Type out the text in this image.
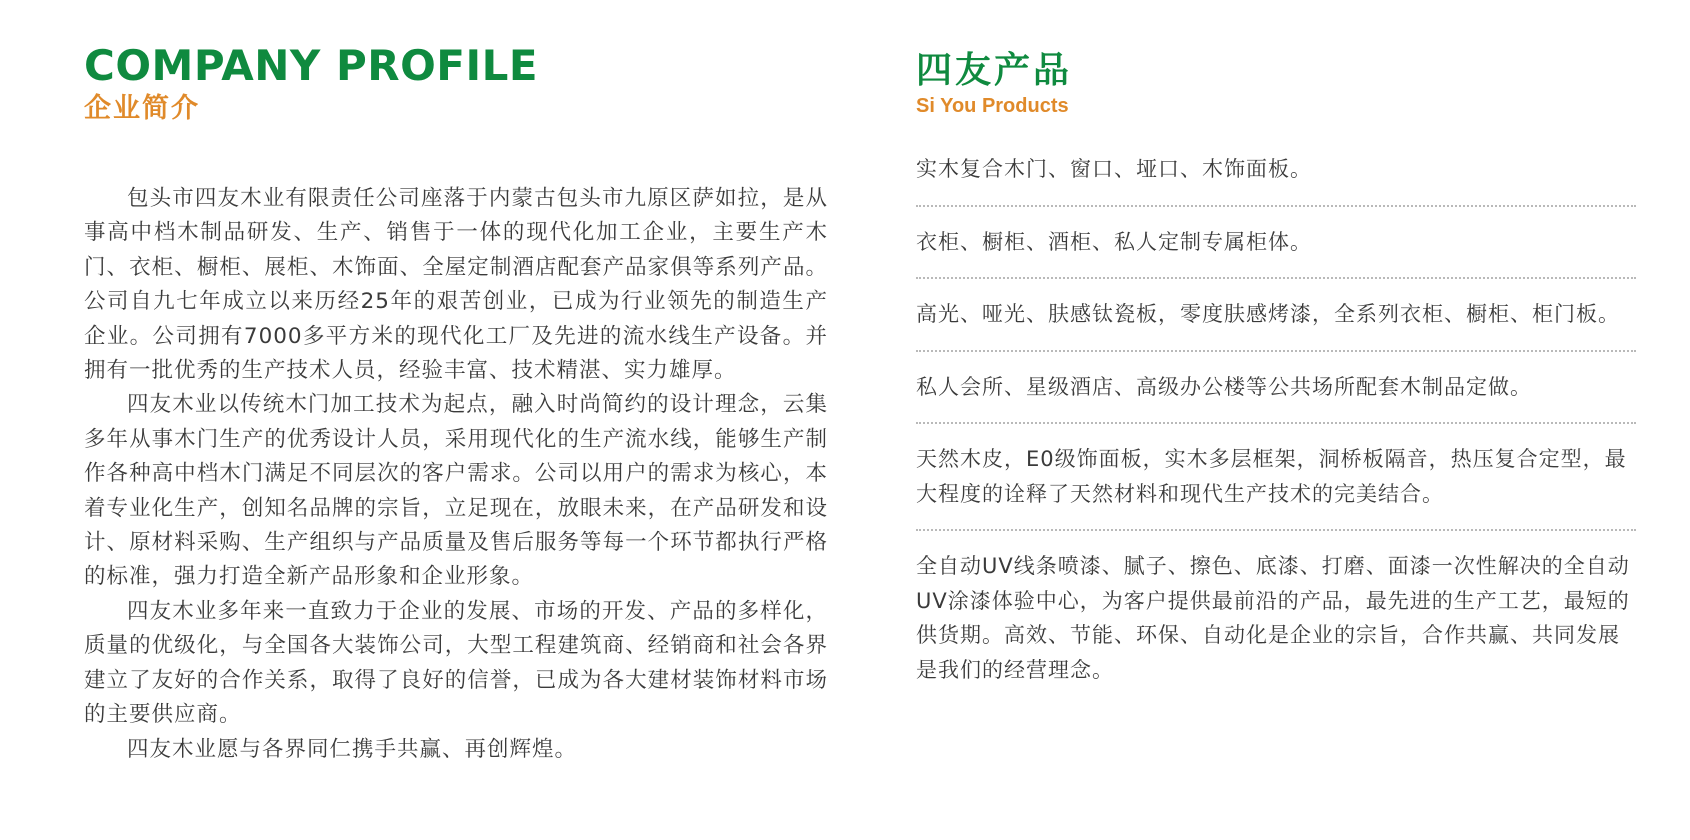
COMPANY PROFILE
企业简介

包头市四友木业有限责任公司座落于内蒙古包头市九原区萨如拉，是从事高中档木制品研发、生产、销售于一体的现代化加工企业，主要生产木门、衣柜、橱柜、展柜、木饰面、全屋定制酒店配套产品家俱等系列产品。公司自九七年成立以来历经25年的艰苦创业，已成为行业领先的制造生产企业。公司拥有7000多平方米的现代化工厂及先进的流水线生产设备。并拥有一批优秀的生产技术人员，经验丰富、技术精湛、实力雄厚。

四友木业以传统木门加工技术为起点，融入时尚简约的设计理念，云集多年从事木门生产的优秀设计人员，采用现代化的生产流水线，能够生产制作各种高中档木门满足不同层次的客户需求。公司以用户的需求为核心，本着专业化生产，创知名品牌的宗旨，立足现在，放眼未来，在产品研发和设计、原材料采购、生产组织与产品质量及售后服务等每一个环节都执行严格的标准，强力打造全新产品形象和企业形象。

四友木业多年来一直致力于企业的发展、市场的开发、产品的多样化，质量的优级化，与全国各大装饰公司，大型工程建筑商、经销商和社会各界建立了友好的合作关系，取得了良好的信誉，已成为各大建材装饰材料市场的主要供应商。

四友木业愿与各界同仁携手共赢、再创辉煌。

四友产品
Si You Products
实木复合木门、窗口、垭口、木饰面板。
衣柜、橱柜、酒柜、私人定制专属柜体。
高光、哑光、肤感钛瓷板，零度肤感烤漆，全系列衣柜、橱柜、柜门板。
私人会所、星级酒店、高级办公楼等公共场所配套木制品定做。
天然木皮，E0级饰面板，实木多层框架，洞桥板隔音，热压复合定型，最大程度的诠释了天然材料和现代生产技术的完美结合。
全自动UV线条喷漆、腻子、擦色、底漆、打磨、面漆一次性解决的全自动UV涂漆体验中心，为客户提供最前沿的产品，最先进的生产工艺，最短的供货期。高效、节能、环保、自动化是企业的宗旨，合作共赢、共同发展是我们的经营理念。
